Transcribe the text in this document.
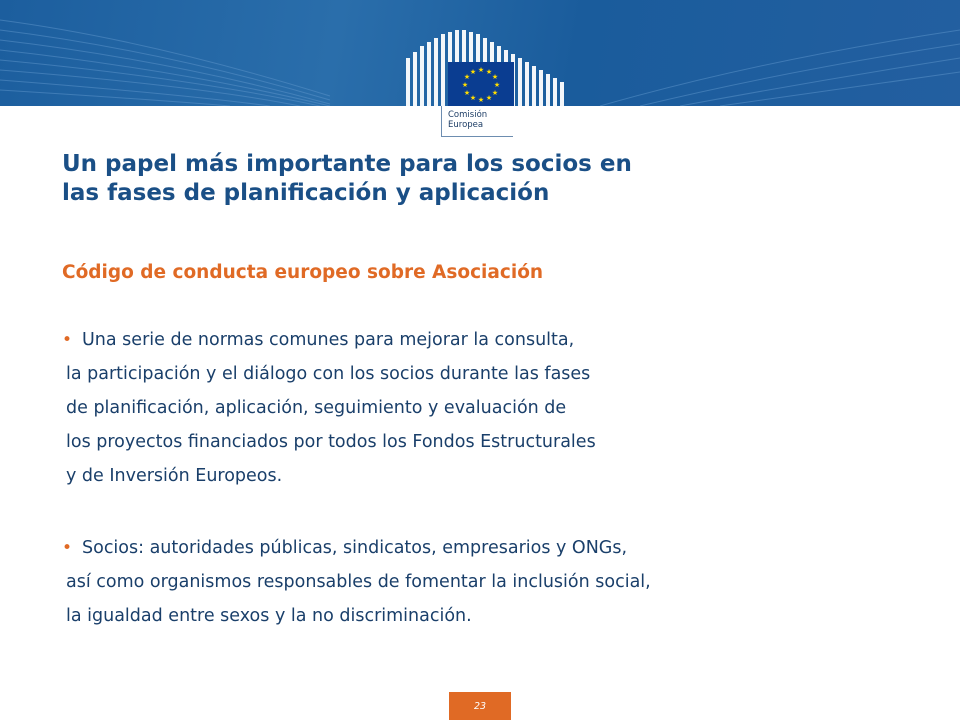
★ ★
★
★
★
★
★
★
★
★
★
★
Comisión
Europea
Un papel más importante para los socios en
las fases de planificación y aplicación
Código de conducta europeo sobre Asociación
• Una serie de normas comunes para mejorar la consulta,
la participación y el diálogo con los socios durante las fases
de planificación, aplicación, seguimiento y evaluación de
los proyectos financiados por todos los Fondos Estructurales
y de Inversión Europeos.
• Socios: autoridades públicas, sindicatos, empresarios y ONGs,
así como organismos responsables de fomentar la inclusión social,
la igualdad entre sexos y la no discriminación.
23
